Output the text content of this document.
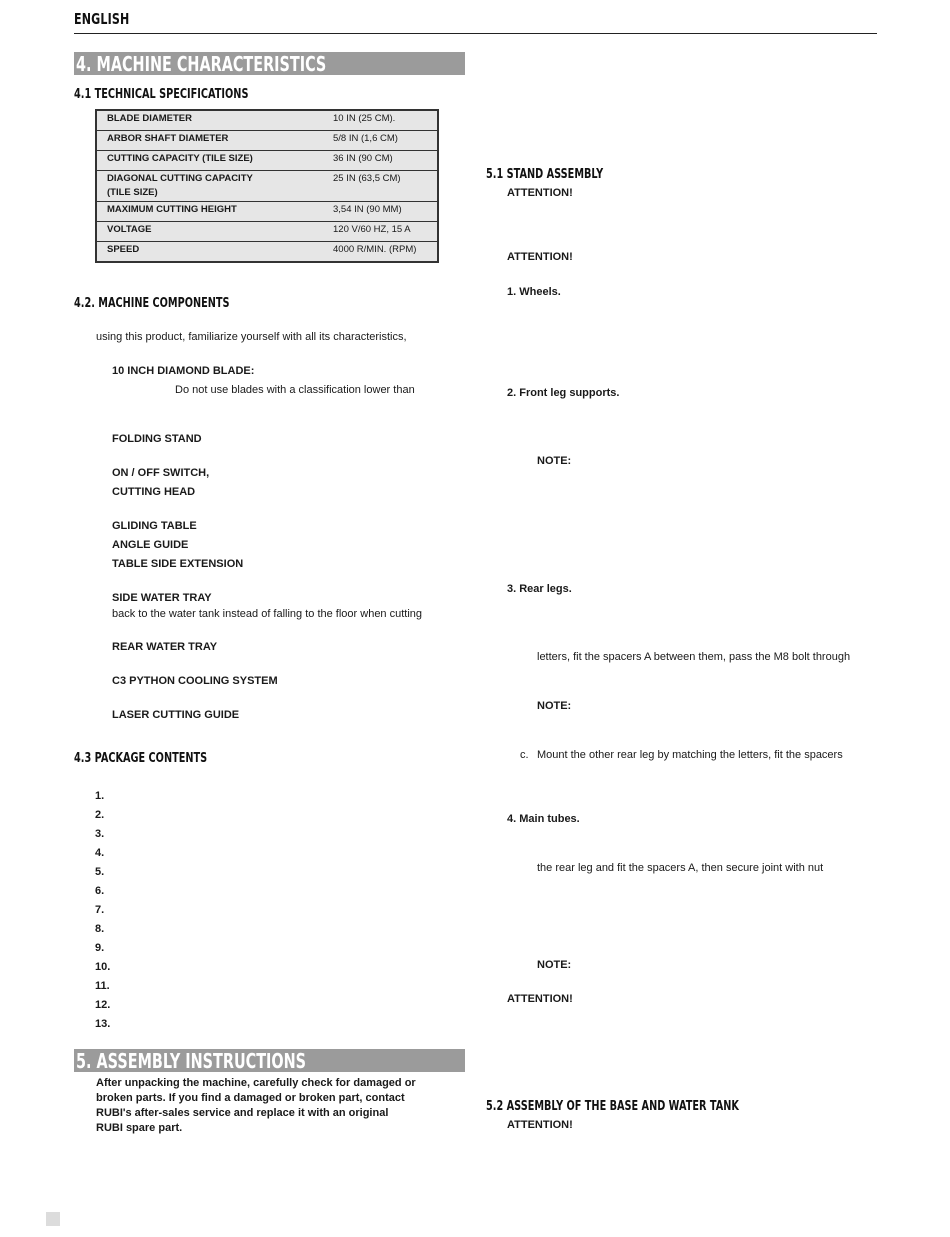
ENGLISH
4. MACHINE CHARACTERISTICS
4.1 TECHNICAL SPECIFICATIONS
BLADE DIAMETER	10 IN (25 CM).
ARBOR SHAFT DIAMETER	5/8 IN (1,6 CM)
CUTTING CAPACITY (TILE SIZE)	36 IN (90 CM)

DIAGONAL CUTTING CAPACITY
(TILE SIZE)	25 IN (63,5 CM)
MAXIMUM CUTTING HEIGHT	3,54 IN (90 MM)
VOLTAGE	120 V/60 HZ, 15 A
SPEED	4000 R/MIN. (RPM)
4.2. MACHINE COMPONENTS
using this product, familiarize yourself with all its characteristics,
10 INCH DIAMOND BLADE:
Do not use blades with a classification lower than
FOLDING STAND
ON / OFF SWITCH,
CUTTING HEAD
GLIDING TABLE
ANGLE GUIDE
TABLE SIDE EXTENSION
SIDE WATER TRAY
back to the water tank instead of falling to the floor when cutting
REAR WATER TRAY
C3 PYTHON COOLING SYSTEM
LASER CUTTING GUIDE
4.3 PACKAGE CONTENTS
1.
2.
3.
4.
5.
6.
7.
8.
9.
10.
11.
12.
13.
5. ASSEMBLY INSTRUCTIONS
After unpacking the machine, carefully check for damaged or
broken parts. If you find a damaged or broken part, contact
RUBI's after-sales service and replace it with an original
RUBI spare part.
5.1 STAND ASSEMBLY
ATTENTION!
ATTENTION!
1. Wheels.
2. Front leg supports.
NOTE:
3. Rear legs.
letters, fit the spacers A between them, pass the M8 bolt through
NOTE:
c. Mount the other rear leg by matching the letters, fit the spacers
4. Main tubes.
the rear leg and fit the spacers A, then secure joint with nut
NOTE:
ATTENTION!
5.2 ASSEMBLY OF THE BASE AND WATER TANK
ATTENTION!
